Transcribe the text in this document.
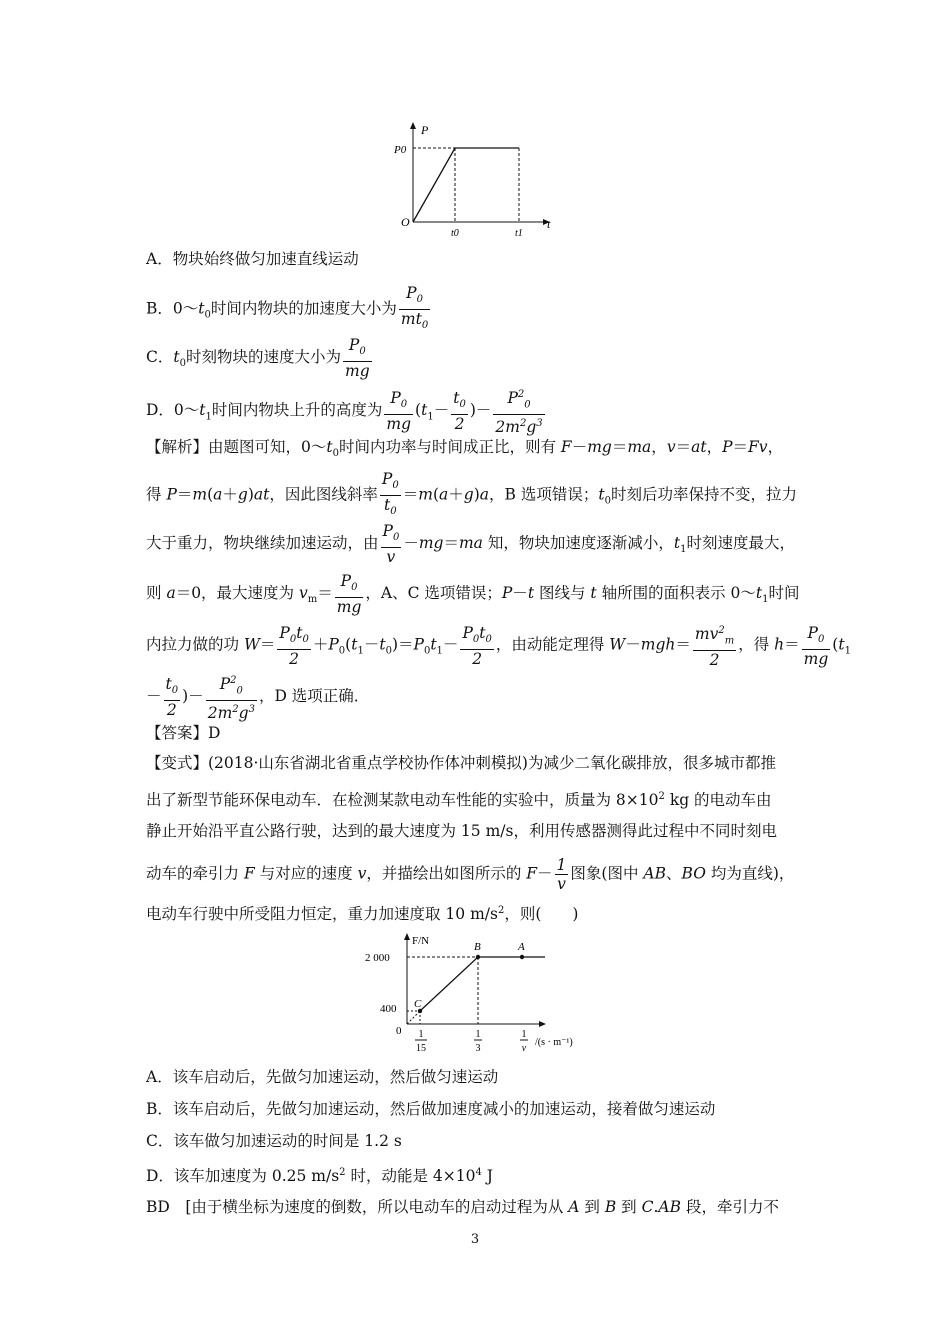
P
t
O
P0
t0	t1
A．物块始终做匀加速直线运动
B．$0\sim t_0$时间内物块的加速度大小为 $\frac{P_0}{mt_0}$
C．$t_0$时刻物块的速度大小为 $\frac{P_0}{mg}$
D．$0\sim t_1$时间内物块上升的高度为 $\frac{P_0}{mg} (t_1- \frac{t_0}{2}$ )－ $\frac{P^2_0}{2m^2g^3}$
【解析】由题图可知，$0\sim t_0$时间内功率与时间成正比，则有 F－mg＝ma，v＝at，P＝Fv，
得 P＝m(a＋g)at，因此图线斜率 $\frac{P_0}{t_0} =m(a+g)a$，B 选项错误；$t_0$时刻后功率保持不变，拉力
大于重力，物块继续加速运动，由 $\frac{P_0}{v} -mg=ma$ 知，物块加速度逐渐减小，$t_1$时刻速度最大，
则 a＝0，最大速度为 $v_m= \frac{P_0}{mg}$ ，A、C 选项错误；P－t 图线与 t 轴所围的面积表示 $0\sim t_1$时间
内拉力做的功 $W= \frac{P_0t_0}{2} +P_0(t_1-t_0)=P_0t_1- \frac{P_0t_0}{2}$ ，由动能定理得 $W-mgh= \frac{mv^2_m}{2}$ ，得 $h= \frac{P_0}{mg} (t_1$
－ $\frac{t_0}{2}$ )－ $\frac{P^2_0}{2m^2g^3}$ ，D 选项正确．
【答案】D
【变式】(2018·山东省湖北省重点学校协作体冲刺模拟)为减少二氧化碳排放，很多城市都推
出了新型节能环保电动车．在检测某款电动车性能的实验中，质量为 $8\times 10^2$ kg 的电动车由
静止开始沿平直公路行驶，达到的最大速度为 15 m/s，利用传感器测得此过程中不同时刻电
动车的牵引力 F 与对应的速度 v，并描绘出如图所示的 $F- \frac{1}{v}$ 图象(图中 AB、BO 均为直线)，
电动车行驶中所受阻力恒定，重力加速度取 10 $m/s^2$，则(　　)
F/N
0
2 000
400 C
B	A
1
15
1
3
1
v
/(s · m⁻¹)
A．该车启动后，先做匀加速运动，然后做匀速运动
B．该车启动后，先做匀加速运动，然后做加速度减小的加速运动，接着做匀速运动
C．该车做匀加速运动的时间是 1.2 s
D．该车加速度为 0.25 $m/s^2$ 时，动能是 $4\times 10^4$ J
BD　[由于横坐标为速度的倒数，所以电动车的启动过程为从 A 到 B 到 C.AB 段，牵引力不
3
